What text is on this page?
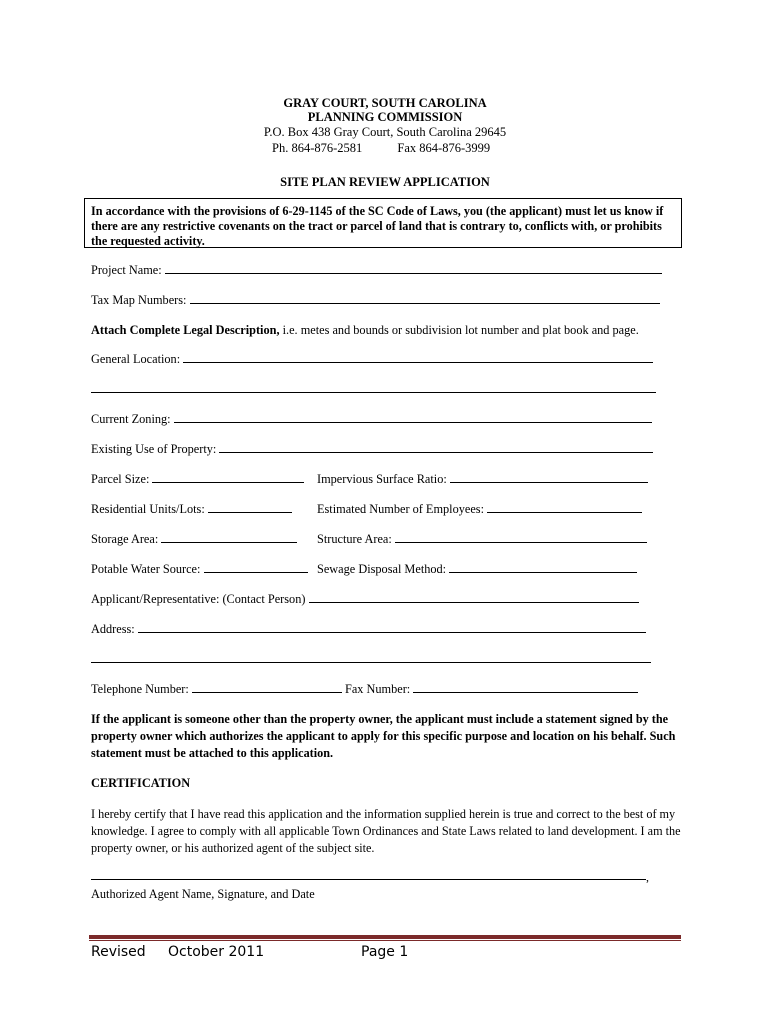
GRAY COURT, SOUTH CAROLINA
PLANNING COMMISSION
P.O. Box 438 Gray Court, South Carolina 29645
Ph. 864-876-2581	Fax 864-876-3999
SITE PLAN REVIEW APPLICATION
In accordance with the provisions of 6-29-1145 of the SC Code of Laws, you (the applicant) must let us know if there are any restrictive covenants on the tract or parcel of land that is contrary to, conflicts with, or prohibits the requested activity.
Project Name:
Tax Map Numbers:
Attach Complete Legal Description, i.e. metes and bounds or subdivision lot number and plat book and page.
General Location:
Current Zoning:
Existing Use of Property:
Parcel Size:	Impervious Surface Ratio:
Residential Units/Lots:	Estimated Number of Employees:
Storage Area:	Structure Area:
Potable Water Source:	Sewage Disposal Method:
Applicant/Representative: (Contact Person)
Address:
Telephone Number:	Fax Number:
If the applicant is someone other than the property owner, the applicant must include a statement signed by the property owner which authorizes the applicant to apply for this specific purpose and location on his behalf. Such statement must be attached to this application.
CERTIFICATION
I hereby certify that I have read this application and the information supplied herein is true and correct to the best of my knowledge. I agree to comply with all applicable Town Ordinances and State Laws related to land development. I am the property owner, or his authorized agent of the subject site.
,
Authorized Agent Name, Signature, and Date
Revised October 2011	Page 1
